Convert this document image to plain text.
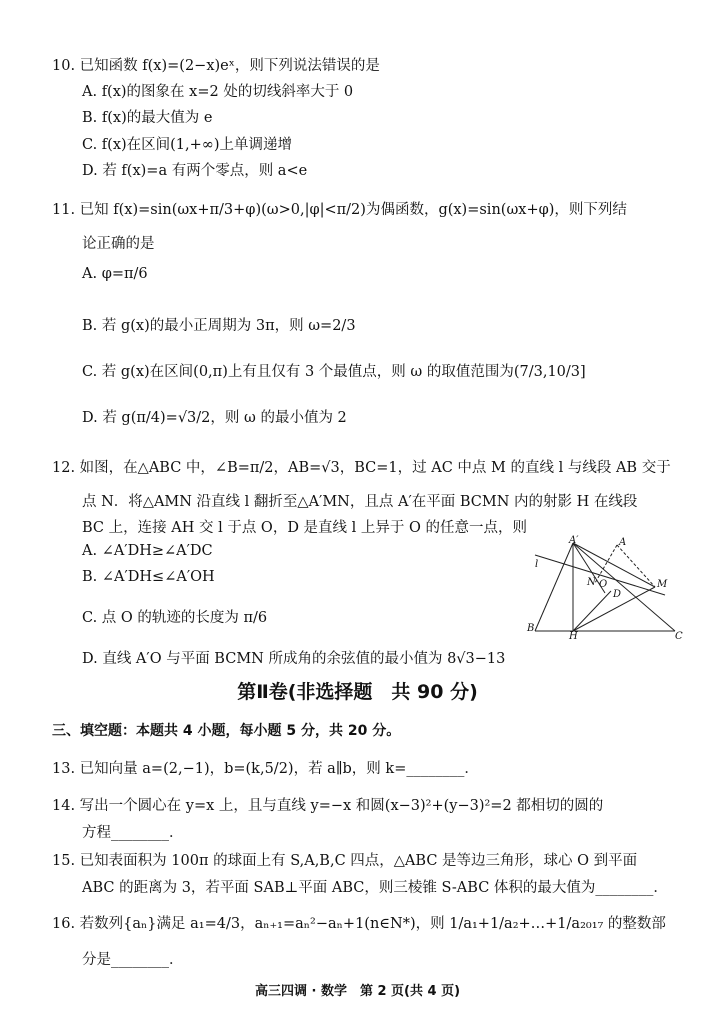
10. 已知函数 f(x)=(2−x)eˣ，则下列说法错误的是
A. f(x)的图象在 x=2 处的切线斜率大于 0
B. f(x)的最大值为 e
C. f(x)在区间(1,+∞)上单调递增
D. 若 f(x)=a 有两个零点，则 a<e
11. 已知 f(x)=sin(ωx+π/3+φ)(ω>0,|φ|<π/2)为偶函数，g(x)=sin(ωx+φ)，则下列结
论正确的是
A. φ=π/6
B. 若 g(x)的最小正周期为 3π，则 ω=2/3
C. 若 g(x)在区间(0,π)上有且仅有 3 个最值点，则 ω 的取值范围为(7/3,10/3]
D. 若 g(π/4)=√3/2，则 ω 的最小值为 2
12. 如图，在△ABC 中，∠B=π/2，AB=√3，BC=1，过 AC 中点 M 的直线 l 与线段 AB 交于
点 N．将△AMN 沿直线 l 翻折至△A′MN，且点 A′在平面 BCMN 内的射影 H 在线段
BC 上，连接 AH 交 l 于点 O，D 是直线 l 上异于 O 的任意一点，则
A. ∠A′DH≥∠A′DC
B. ∠A′DH≤∠A′OH
C. 点 O 的轨迹的长度为 π/6
D. 直线 A′O 与平面 BCMN 所成角的余弦值的最小值为 8√3−13
A′	A
l
N O
D
M
B
H	C
第Ⅱ卷(非选择题　共 90 分)
三、填空题：本题共 4 小题，每小题 5 分，共 20 分。
13. 已知向量 a=(2,−1)，b=(k,5/2)，若 a∥b，则 k=________．
14. 写出一个圆心在 y=x 上，且与直线 y=−x 和圆(x−3)²+(y−3)²=2 都相切的圆的
方程________．
15. 已知表面积为 100π 的球面上有 S,A,B,C 四点，△ABC 是等边三角形，球心 O 到平面
ABC 的距离为 3，若平面 SAB⊥平面 ABC，则三棱锥 S-ABC 体积的最大值为________．
16. 若数列{aₙ}满足 a₁=4/3，aₙ₊₁=aₙ²−aₙ+1(n∈N*)，则 1/a₁+1/a₂+…+1/a₂₀₁₇ 的整数部
分是________．
高三四调 · 数学　第 2 页(共 4 页)
